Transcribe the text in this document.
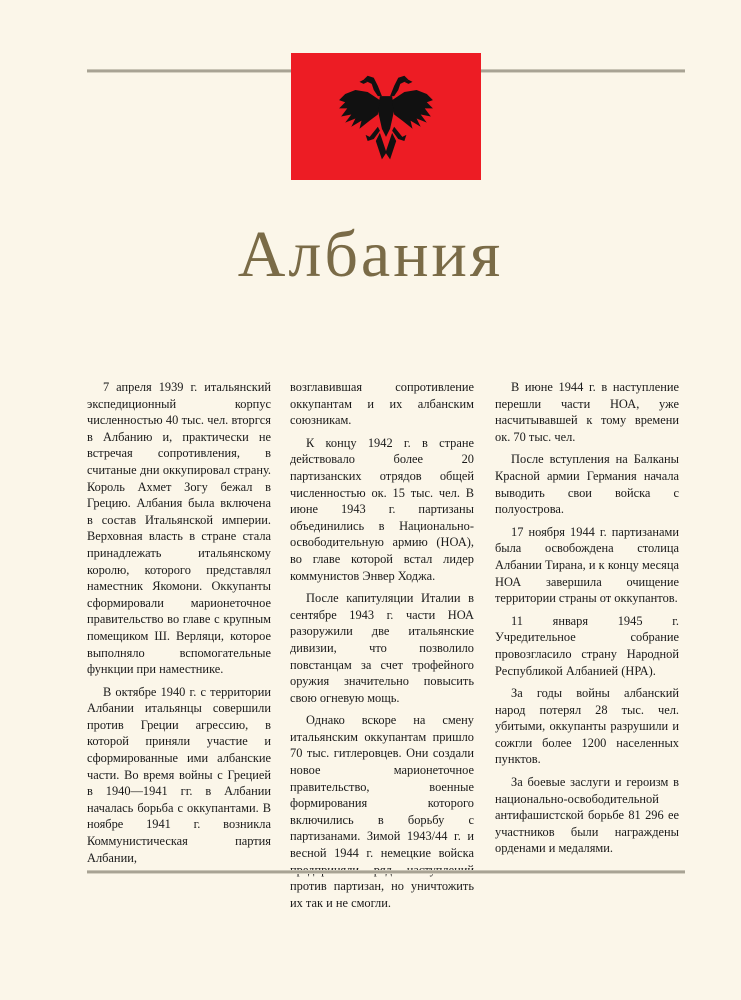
Албания

7 апреля 1939 г. итальянский экспедиционный корпус численностью 40 тыс. чел. вторгся в Албанию и, практически не встречая сопротивления, в считаные дни оккупировал страну. Король Ахмет Зогу бежал в Грецию. Албания была включена в состав Итальянской империи. Верховная власть в стране стала принадлежать итальянскому королю, которого представлял наместник Якомони. Оккупанты сформировали марионеточное правительство во главе с крупным помещиком Ш. Верляци, которое выполняло вспомогательные функции при наместнике.

В октябре 1940 г. с территории Албании итальянцы совершили против Греции агрессию, в которой приняли участие и сформированные ими албанские части. Во время войны с Грецией в 1940—1941 гг. в Албании началась борьба с оккупантами. В ноябре 1941 г. возникла Коммунистическая партия Албании,

возглавившая сопротивление оккупантам и их албанским союзникам.

К концу 1942 г. в стране действовало более 20 партизанских отрядов общей численностью ок. 15 тыс. чел. В июне 1943 г. партизаны объединились в Национально-освободительную армию (НОА), во главе которой встал лидер коммунистов Энвер Ходжа.

После капитуляции Италии в сентябре 1943 г. части НОА разоружили две итальянские дивизии, что позволило повстанцам за счет трофейного оружия значительно повысить свою огневую мощь.

Однако вскоре на смену итальянским оккупантам пришло 70 тыс. гитлеровцев. Они создали новое марионеточное правительство, военные формирования которого включились в борьбу с партизанами. Зимой 1943/44 г. и весной 1944 г. немецкие войска против партизан, но уничтожить их так и не смогли.

В июне 1944 г. в наступление перешли части НОА, уже насчитывавшей к тому времени ок. 70 тыс. чел.

После вступления на Балканы Красной армии Германия начала выводить свои войска с полуострова.

17 ноября 1944 г. партизанами была освобождена столица Албании Тирана, и к концу месяца НОА завершила очищение территории страны от оккупантов.

11 января 1945 г. Учредительное собрание провозгласило страну Народной Республикой Албанией (НРА).

За годы войны албанский народ потерял 28 тыс. чел. убитыми, оккупанты разрушили и сожгли более 1200 населенных пунктов.

За боевые заслуги и героизм в национально-освободительной антифашистской борьбе 81 296 ее участников были награждены орденами и медалями.
